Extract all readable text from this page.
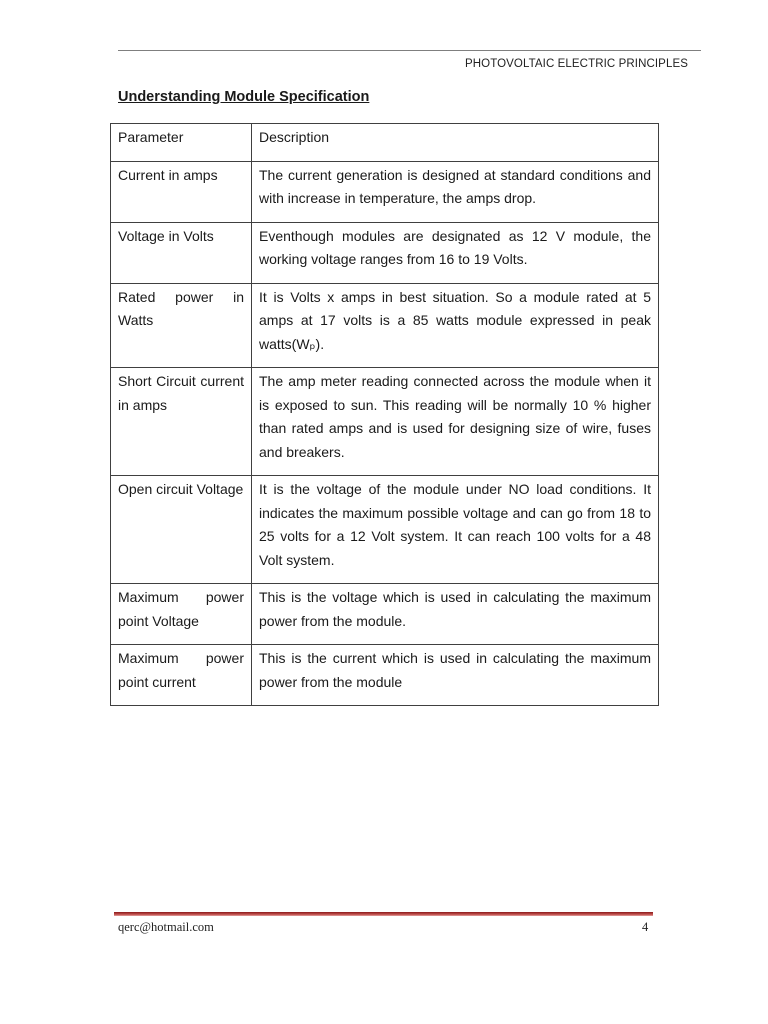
PHOTOVOLTAIC ELECTRIC PRINCIPLES
Understanding Module Specification
Parameter	Description

Current in amps	The current generation is designed at standard conditions and with increase in temperature, the amps drop.

Voltage in Volts	Eventhough modules are designated as 12 V module, the working voltage ranges from 16 to 19 Volts.

Rated power in Watts	It is Volts x amps in best situation. So a module rated at 5 amps at 17 volts is a 85 watts module expressed in peak watts(Wₚ).

Short Circuit current in amps	The amp meter reading connected across the module when it is exposed to sun. This reading will be normally 10 % higher than rated amps and is used for designing size of wire, fuses and breakers.

Open circuit Voltage	It is the voltage of the module under NO load conditions. It indicates the maximum possible voltage and can go from 18 to 25 volts for a 12 Volt system. It can reach 100 volts for a 48 Volt system.

Maximum power point Voltage	This is the voltage which is used in calculating the maximum power from the module.

Maximum power point current	This is the current which is used in calculating the maximum power from the module
qerc@hotmail.com	4
